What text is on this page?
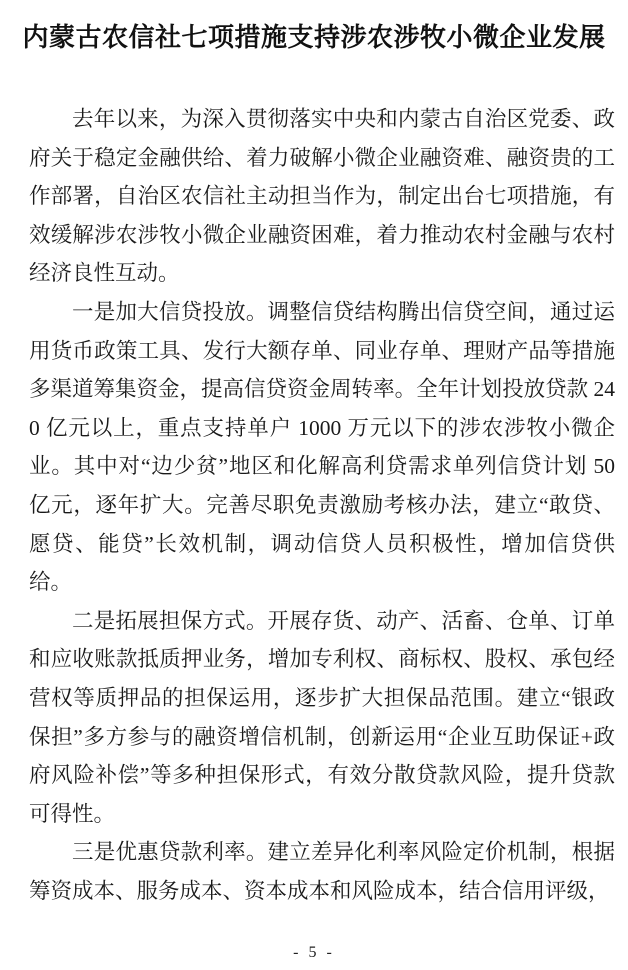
内蒙古农信社七项措施支持涉农涉牧小微企业发展

去年以来，为深入贯彻落实中央和内蒙古自治区党委、政府关于稳定金融供给、着力破解小微企业融资难、融资贵的工作部署，自治区农信社主动担当作为，制定出台七项措施，有效缓解涉农涉牧小微企业融资困难，着力推动农村金融与农村经济良性互动。

一是加大信贷投放。调整信贷结构腾出信贷空间，通过运用货币政策工具、发行大额存单、同业存单、理财产品等措施多渠道筹集资金，提高信贷资金周转率。全年计划投放贷款 240 亿元以上，重点支持单户 1000 万元以下的涉农涉牧小微企业。其中对“边少贫”地区和化解高利贷需求单列信贷计划 50 亿元，逐年扩大。完善尽职免责激励考核办法，建立“敢贷、愿贷、能贷”长效机制，调动信贷人员积极性，增加信贷供给。

二是拓展担保方式。开展存货、动产、活畜、仓单、订单和应收账款抵质押业务，增加专利权、商标权、股权、承包经营权等质押品的担保运用，逐步扩大担保品范围。建立“银政保担”多方参与的融资增信机制，创新运用“企业互助保证+政府风险补偿”等多种担保形式，有效分散贷款风险，提升贷款可得性。

三是优惠贷款利率。建立差异化利率风险定价机制，根据筹资成本、服务成本、资本成本和风险成本，结合信用评级，

- 5 -
